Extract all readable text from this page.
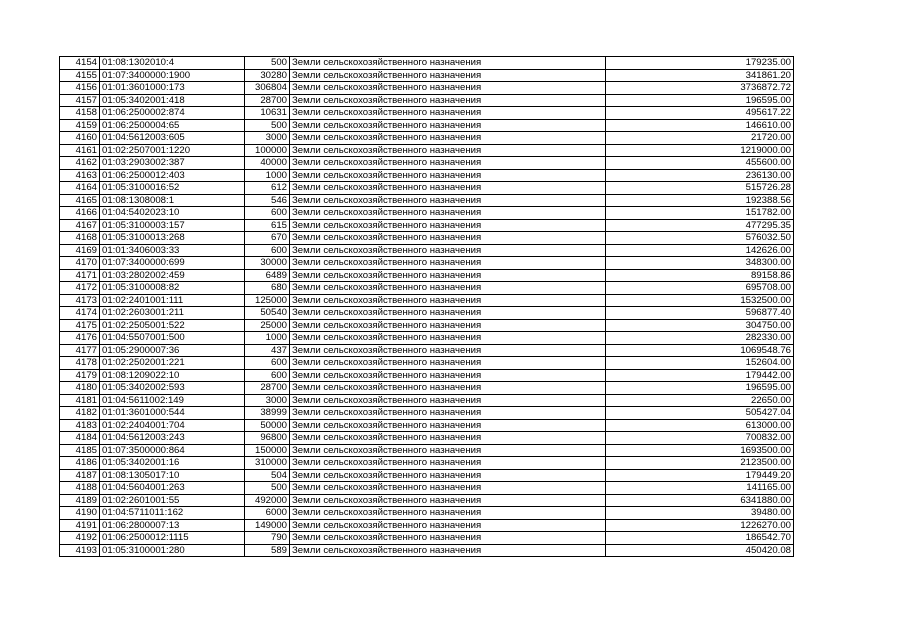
4154	01:08:1302010:4	500	Земли сельскохозяйственного назначения	179235.00
4155	01:07:3400000:1900	30280	Земли сельскохозяйственного назначения	341861.20
4156	01:01:3601000:173	306804	Земли сельскохозяйственного назначения	3736872.72
4157	01:05:3402001:418	28700	Земли сельскохозяйственного назначения	196595.00
4158	01:06:2500002:874	10631	Земли сельскохозяйственного назначения	495617.22
4159	01:06:2500004:65	500	Земли сельскохозяйственного назначения	146610.00
4160	01:04:5612003:605	3000	Земли сельскохозяйственного назначения	21720.00
4161	01:02:2507001:1220	100000	Земли сельскохозяйственного назначения	1219000.00
4162	01:03:2903002:387	40000	Земли сельскохозяйственного назначения	455600.00
4163	01:06:2500012:403	1000	Земли сельскохозяйственного назначения	236130.00
4164	01:05:3100016:52	612	Земли сельскохозяйственного назначения	515726.28
4165	01:08:1308008:1	546	Земли сельскохозяйственного назначения	192388.56
4166	01:04:5402023:10	600	Земли сельскохозяйственного назначения	151782.00
4167	01:05:3100003:157	615	Земли сельскохозяйственного назначения	477295.35
4168	01:05:3100013:268	670	Земли сельскохозяйственного назначения	576032.50
4169	01:01:3406003:33	600	Земли сельскохозяйственного назначения	142626.00
4170	01:07:3400000:699	30000	Земли сельскохозяйственного назначения	348300.00
4171	01:03:2802002:459	6489	Земли сельскохозяйственного назначения	89158.86
4172	01:05:3100008:82	680	Земли сельскохозяйственного назначения	695708.00
4173	01:02:2401001:111	125000	Земли сельскохозяйственного назначения	1532500.00
4174	01:02:2603001:211	50540	Земли сельскохозяйственного назначения	596877.40
4175	01:02:2505001:522	25000	Земли сельскохозяйственного назначения	304750.00
4176	01:04:5507001:500	1000	Земли сельскохозяйственного назначения	282330.00
4177	01:05:2900007:36	437	Земли сельскохозяйственного назначения	1069548.76
4178	01:02:2502001:221	600	Земли сельскохозяйственного назначения	152604.00
4179	01:08:1209022:10	600	Земли сельскохозяйственного назначения	179442.00
4180	01:05:3402002:593	28700	Земли сельскохозяйственного назначения	196595.00
4181	01:04:5611002:149	3000	Земли сельскохозяйственного назначения	22650.00
4182	01:01:3601000:544	38999	Земли сельскохозяйственного назначения	505427.04
4183	01:02:2404001:704	50000	Земли сельскохозяйственного назначения	613000.00
4184	01:04:5612003:243	96800	Земли сельскохозяйственного назначения	700832.00
4185	01:07:3500000:864	150000	Земли сельскохозяйственного назначения	1693500.00
4186	01:05:3402001:16	310000	Земли сельскохозяйственного назначения	2123500.00
4187	01:08:1305017:10	504	Земли сельскохозяйственного назначения	179449.20
4188	01:04:5604001:263	500	Земли сельскохозяйственного назначения	141165.00
4189	01:02:2601001:55	492000	Земли сельскохозяйственного назначения	6341880.00
4190	01:04:5711011:162	6000	Земли сельскохозяйственного назначения	39480.00
4191	01:06:2800007:13	149000	Земли сельскохозяйственного назначения	1226270.00
4192	01:06:2500012:1115	790	Земли сельскохозяйственного назначения	186542.70
4193	01:05:3100001:280	589	Земли сельскохозяйственного назначения	450420.08
